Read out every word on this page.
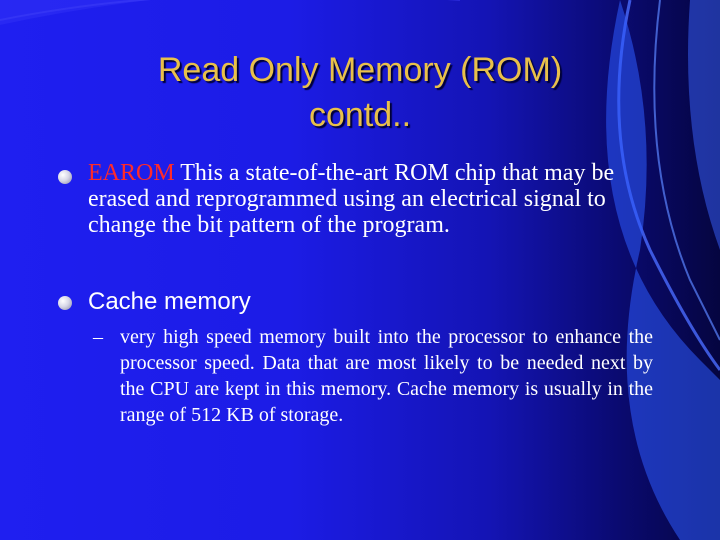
Read Only Memory (ROM)
contd..
EAROM This a state-of-the-art ROM chip that may be erased and reprogrammed using an electrical signal to change the bit pattern of the program.
Cache memory
– very high speed memory built into the processor to enhance the processor speed. Data that are most likely to be needed next by the CPU are kept in this memory. Cache memory is usually in the range of 512 KB of storage.
